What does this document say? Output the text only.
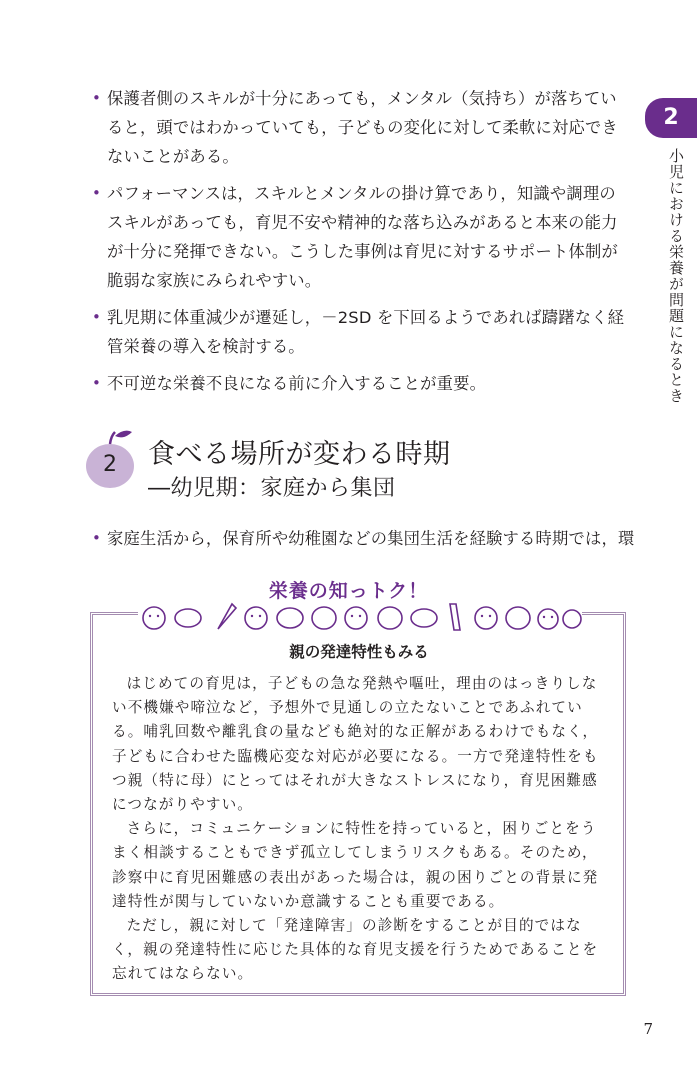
• 保護者側のスキルが十分にあっても，メンタル（気持ち）が落ちていると，頭ではわかっていても，子どもの変化に対して柔軟に対応できないことがある。
• パフォーマンスは，スキルとメンタルの掛け算であり，知識や調理のスキルがあっても，育児不安や精神的な落ち込みがあると本来の能力が十分に発揮できない。こうした事例は育児に対するサポート体制が脆弱な家族にみられやすい。
• 乳児期に体重減少が遷延し，－2SD を下回るようであれば躊躇なく経管栄養の導入を検討する。
• 不可逆な栄養不良になる前に介入することが重要。
2
小児における栄養が問題になるとき
2	食べる場所が変わる時期
―幼児期：家庭から集団
• 家庭生活から，保育所や幼稚園などの集団生活を経験する時期では，環
栄養の知っトク！
親の発達特性もみる

はじめての育児は，子どもの急な発熱や嘔吐，理由のはっきりしない不機嫌や啼泣など，予想外で見通しの立たないことであふれている。哺乳回数や離乳食の量なども絶対的な正解があるわけでもなく，子どもに合わせた臨機応変な対応が必要になる。一方で発達特性をもつ親（特に母）にとってはそれが大きなストレスになり，育児困難感につながりやすい。

さらに，コミュニケーションに特性を持っていると，困りごとをうまく相談することもできず孤立してしまうリスクもある。そのため，診察中に育児困難感の表出があった場合は，親の困りごとの背景に発達特性が関与していないか意識することも重要である。

ただし，親に対して「発達障害」の診断をすることが目的ではなく，親の発達特性に応じた具体的な育児支援を行うためであることを忘れてはならない。

7
